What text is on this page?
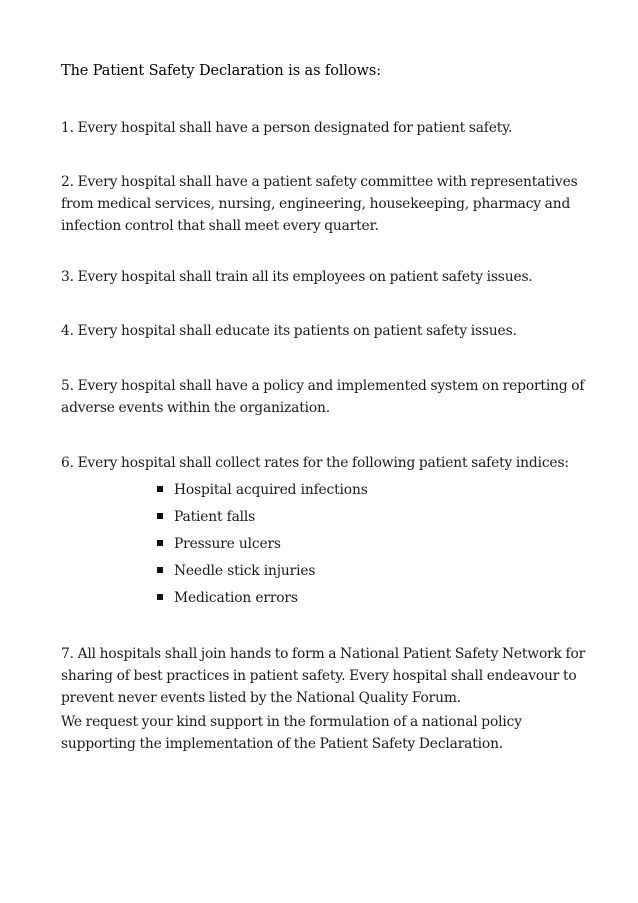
The Patient Safety Declaration is as follows:
1. Every hospital shall have a person designated for patient safety.
2. Every hospital shall have a patient safety committee with representatives
from medical services, nursing, engineering, housekeeping, pharmacy and
infection control that shall meet every quarter.
3. Every hospital shall train all its employees on patient safety issues.
4. Every hospital shall educate its patients on patient safety issues.
5. Every hospital shall have a policy and implemented system on reporting of
adverse events within the organization.
6. Every hospital shall collect rates for the following patient safety indices:
Hospital acquired infections
Patient falls
Pressure ulcers
Needle stick injuries
Medication errors
7. All hospitals shall join hands to form a National Patient Safety Network for
sharing of best practices in patient safety. Every hospital shall endeavour to
prevent never events listed by the National Quality Forum.
We request your kind support in the formulation of a national policy
supporting the implementation of the Patient Safety Declaration.
